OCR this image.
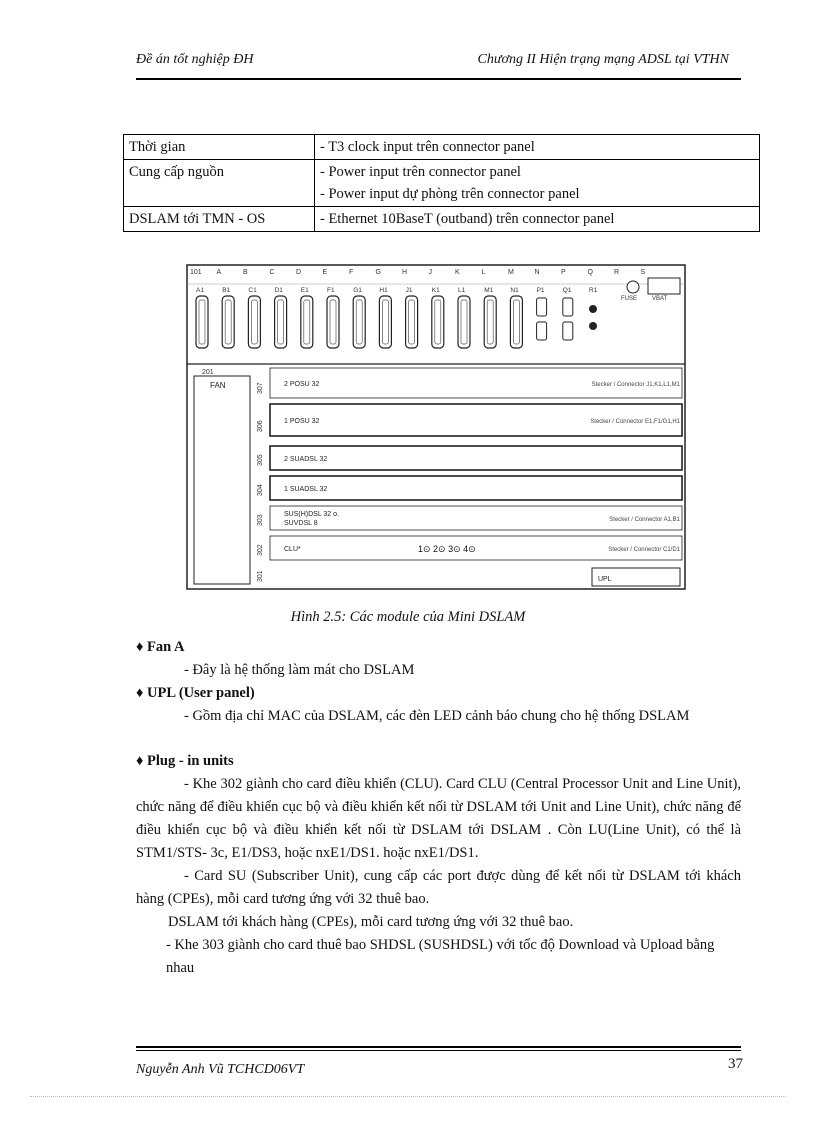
Đề án tốt nghiệp ĐH	Chương II Hiện trạng mạng ADSL tại VTHN
Thời gian	- T3 clock input trên connector panel

Cung cấp nguồn	- Power input trên connector panel
- Power input dự phòng trên connector panel

DSLAM tới TMN - OS	- Ethernet 10BaseT (outband) trên connector panel
101 A	B	C	D	E	F	G	H	J	K	L	M	N	P	Q	R	S
A1	B1	C1	D1	E1	F1	G1	H1	J1	K1	L1	M1	N1	P1	Q1	R1
FUSE VBAT
201
FAN	307	2 POSU 32	Stecker / Connector J1,K1,L1,M1
306	1 POSU 32	Stecker / Connector E1,F1/G1,H1
305	2 SUADSL 32
304	1 SUADSL 32
303	SUS(H)DSL 32 o.
SUVDSL 8	Stecker / Connector A1,B1
302	CLU*	Stecker / Connector C1/D1
1⊙ 2⊙ 3⊙ 4⊙
301	UPL
Hình 2.5: Các module của Mini DSLAM

♦ Fan A

- Đây là hệ thống làm mát cho DSLAM

♦ UPL (User panel)

- Gồm địa chỉ MAC của DSLAM, các đèn LED cảnh báo chung cho hệ thống DSLAM

♦ Plug - in units

- Khe 302 giành cho card điều khiển (CLU). Card CLU (Central Processor Unit and Line Unit), chức năng để điều khiển cục bộ và điều khiển kết nối từ DSLAM tới Unit and Line Unit), chức năng để điều khiển cục bộ và điều khiển kết nối từ DSLAM tới DSLAM . Còn LU(Line Unit), có thể là STM1/STS- 3c, E1/DS3, hoặc nxE1/DS1. hoặc nxE1/DS1.

- Card SU (Subscriber Unit), cung cấp các port được dùng để kết nối từ DSLAM tới khách hàng (CPEs), mỗi card tương ứng với 32 thuê bao.

DSLAM tới khách hàng (CPEs), mỗi card tương ứng với 32 thuê bao.

- Khe 303 giành cho card thuê bao SHDSL (SUSHDSL) với tốc độ Download và Upload bằng nhau

Nguyễn Anh Vũ TCHCD06VT	37
